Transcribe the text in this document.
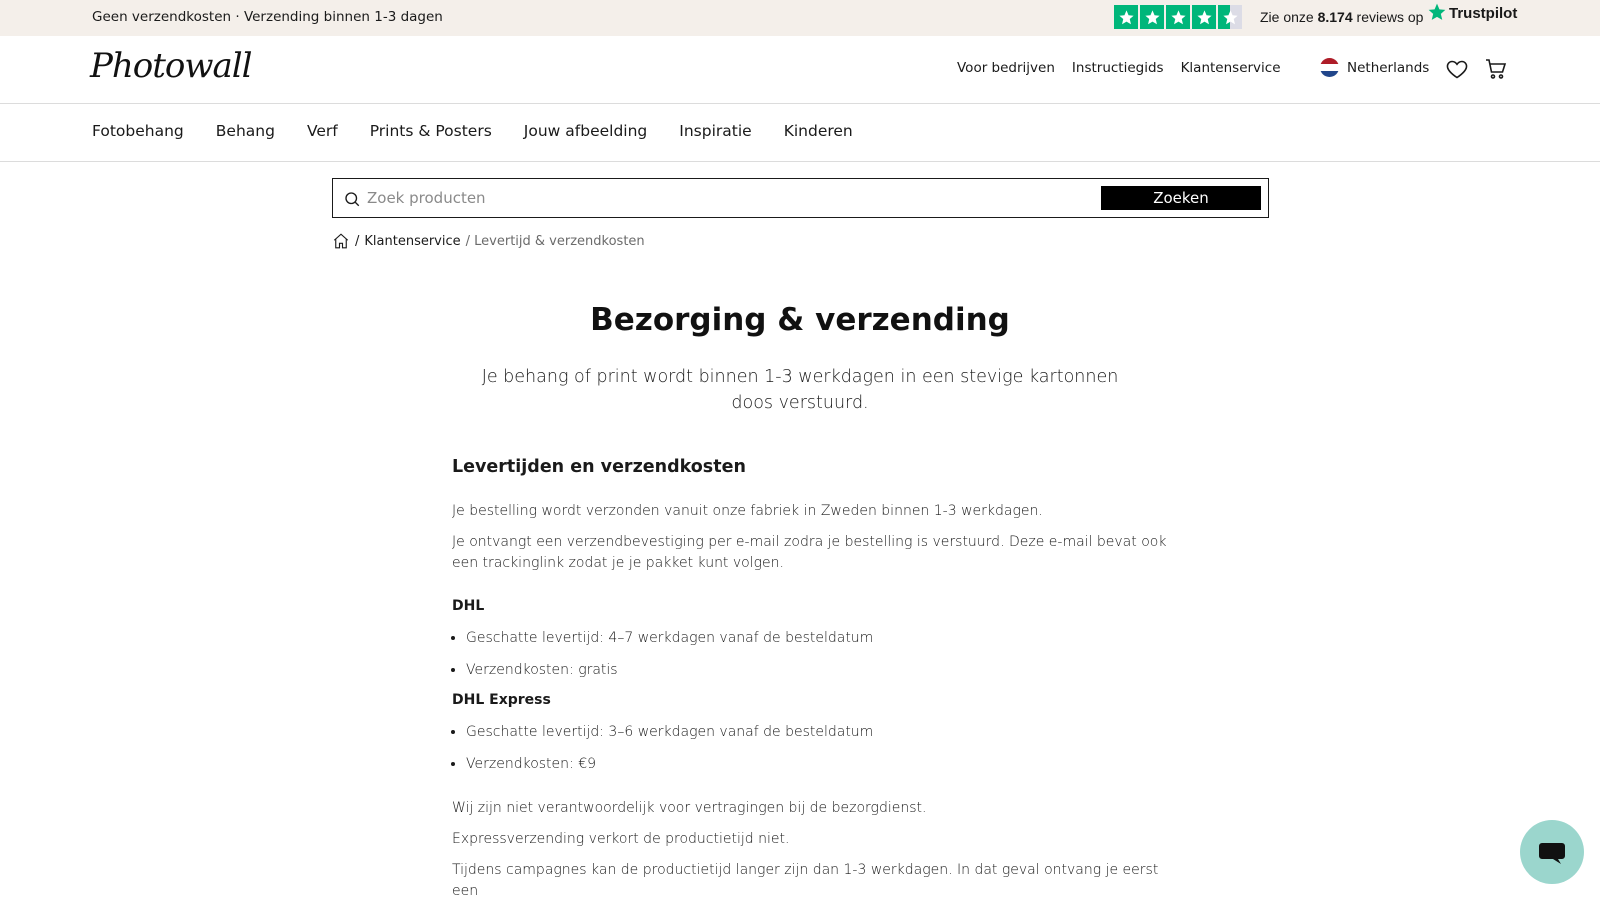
Geen verzendkosten · Verzending binnen 1-3 dagen	Zie onze 8.174 reviews op Trustpilot
Photowall	Voor bedrijven Instructiegids Klantenservice	Netherlands
Fotobehang Behang Verf Prints & Posters Jouw afbeelding Inspiratie Kinderen
Zoek producten
Zoeken
/ Klantenservice / Levertijd & verzendkosten
Bezorging & verzending

Je behang of print wordt binnen 1-3 werkdagen in een stevige kartonnen doos verstuurd.

Levertijden en verzendkosten

Je bestelling wordt verzonden vanuit onze fabriek in Zweden binnen 1-3 werkdagen.

Je ontvangt een verzendbevestiging per e-mail zodra je bestelling is verstuurd. Deze e-mail bevat ook een trackinglink zodat je je pakket kunt volgen.

DHL
• Geschatte levertijd: 4–7 werkdagen vanaf de besteldatum
• Verzendkosten: gratis
DHL Express
• Geschatte levertijd: 3–6 werkdagen vanaf de besteldatum
• Verzendkosten: €9

Wij zijn niet verantwoordelijk voor vertragingen bij de bezorgdienst.

Expressverzending verkort de productietijd niet.

Tijdens campagnes kan de productietijd langer zijn dan 1-3 werkdagen. In dat geval ontvang je eerst een
